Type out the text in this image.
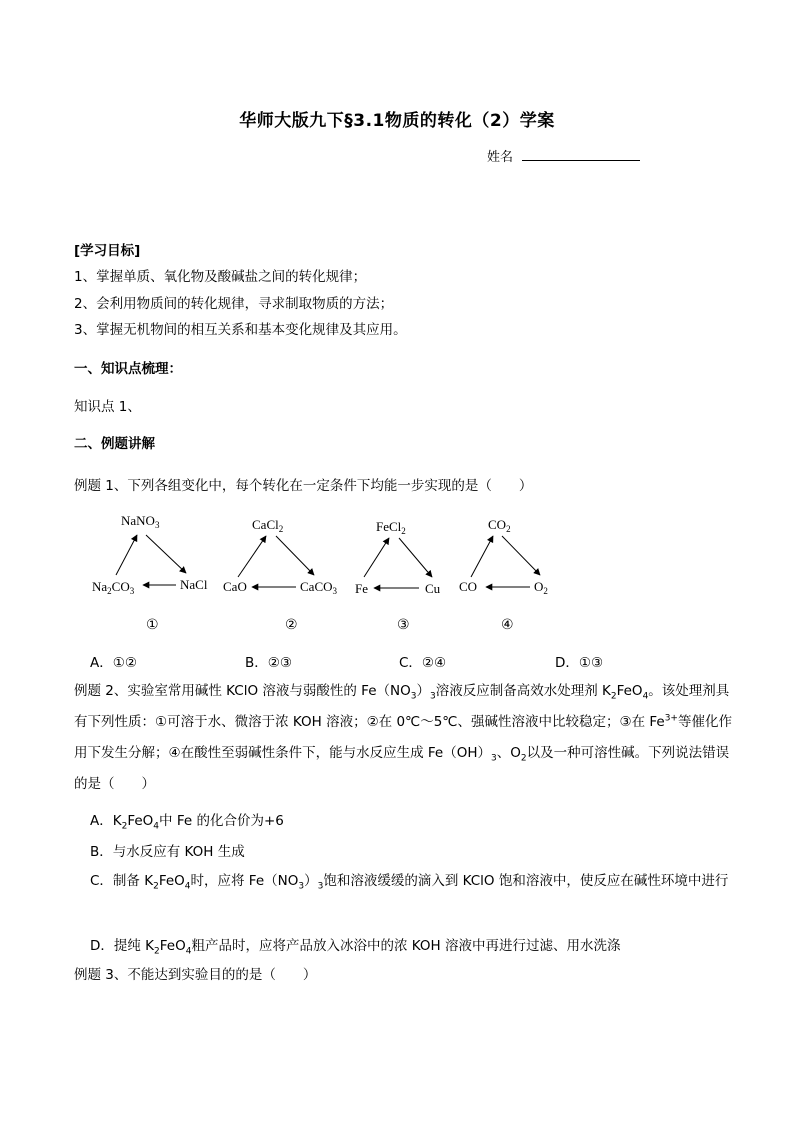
华师大版九下§3.1物质的转化（2）学案
姓名
[学习目标]
1、掌握单质、氧化物及酸碱盐之间的转化规律；
2、会利用物质间的转化规律，寻求制取物质的方法；
3、掌握无机物间的相互关系和基本变化规律及其应用。
一、知识点梳理：
知识点 1、
二、例题讲解
例题 1、下列各组变化中，每个转化在一定条件下均能一步实现的是（　　）
NaNO$_3$
$Na_2CO_3$	NaCl
①
CaCl$_2$
CaO	CaCO$_3$
②
FeCl$_2$
Fe	Cu
③
$CO_2$
CO	$O_2$
④
A．①②	B．②③	C．②④	D．①③
例题 2、实验室常用碱性 KClO 溶液与弱酸性的 $Fe(NO_3)_3$溶液反应制备高效水处理剂 $K_2FeO_4$。该处理剂具有下列性质：①可溶于水、微溶于浓 KOH 溶液；②在 0℃～5℃、强碱性溶液中比较稳定；③在 $Fe^{3+}$等催化作用下发生分解；④在酸性至弱碱性条件下，能与水反应生成 $Fe(OH)_3$、$O_2$以及一种可溶性碱。下列说法错误的是（　　）
A．$K_2FeO_4$中 Fe 的化合价为+6
B．与水反应有 KOH 生成
C．制备 $K_2FeO_4$时，应将 $Fe(NO_3)_3$饱和溶液缓缓的滴入到 KClO 饱和溶液中，使反应在碱性环境中进行
D．提纯 $K_2FeO_4$粗产品时，应将产品放入冰浴中的浓 KOH 溶液中再进行过滤、用水洗涤
例题 3、不能达到实验目的的是（　　）
